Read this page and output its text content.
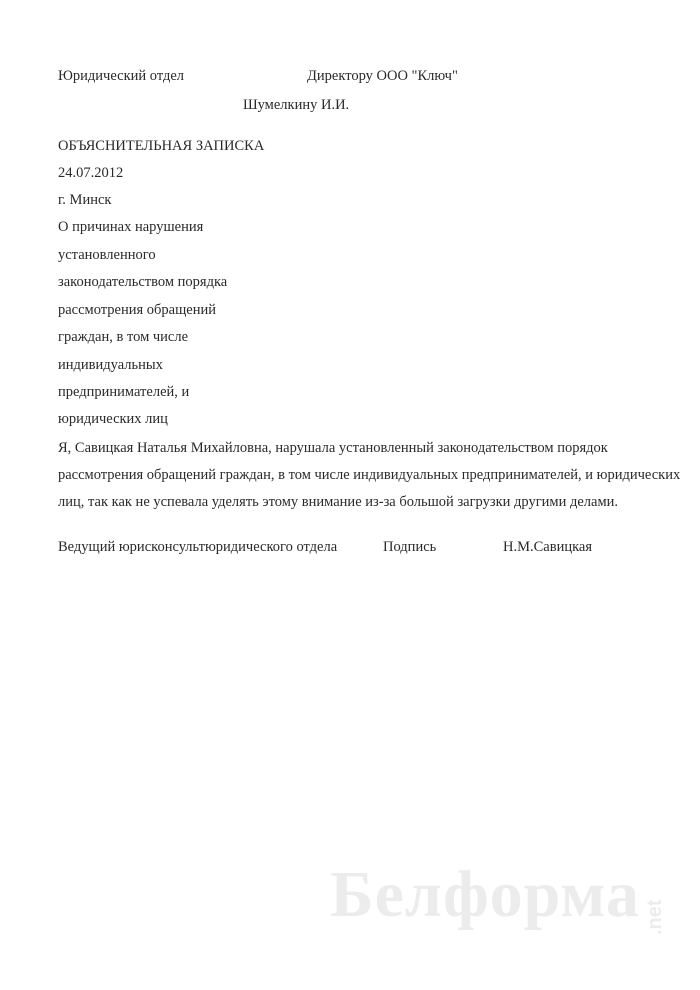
Юридический отдел	Директору ООО "Ключ"
Шумелкину И.И.
ОБЪЯСНИТЕЛЬНАЯ ЗАПИСКА
24.07.2012
г. Минск
О причинах нарушения
установленного
законодательством порядка
рассмотрения обращений
граждан, в том числе
индивидуальных
предпринимателей, и
юридических лиц
Я, Савицкая Наталья Михайловна, нарушала установленный законодательством порядок
рассмотрения обращений граждан, в том числе индивидуальных предпринимателей, и юридических
лиц, так как не успевала уделять этому внимание из-за большой загрузки другими делами.
Ведущий юрисконсультюридического отдела	Подпись	Н.М.Савицкая
Белформа .net
